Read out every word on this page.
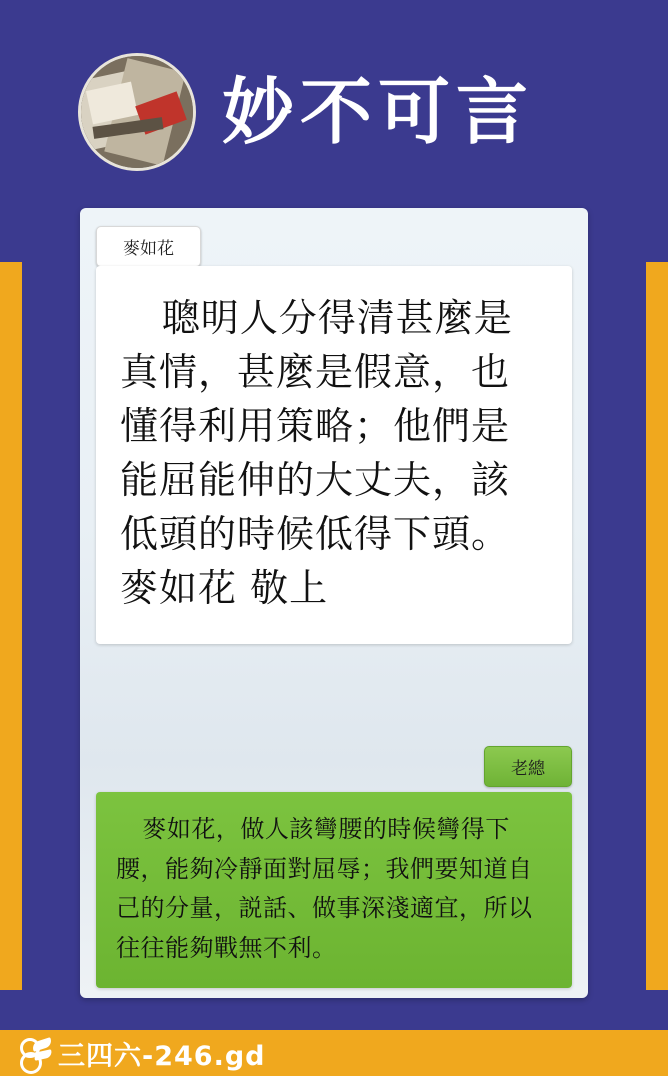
妙不可言
麥如花

聰明人分得清甚麼是真情，甚麼是假意，也懂得利用策略；他們是能屈能伸的大丈夫，該低頭的時候低得下頭。麥如花 敬上

老總

麥如花，做人該彎腰的時候彎得下腰，能夠冷靜面對屈辱；我們要知道自己的分量，説話、做事深淺適宜，所以往往能夠戰無不利。

三四六-246.gd
